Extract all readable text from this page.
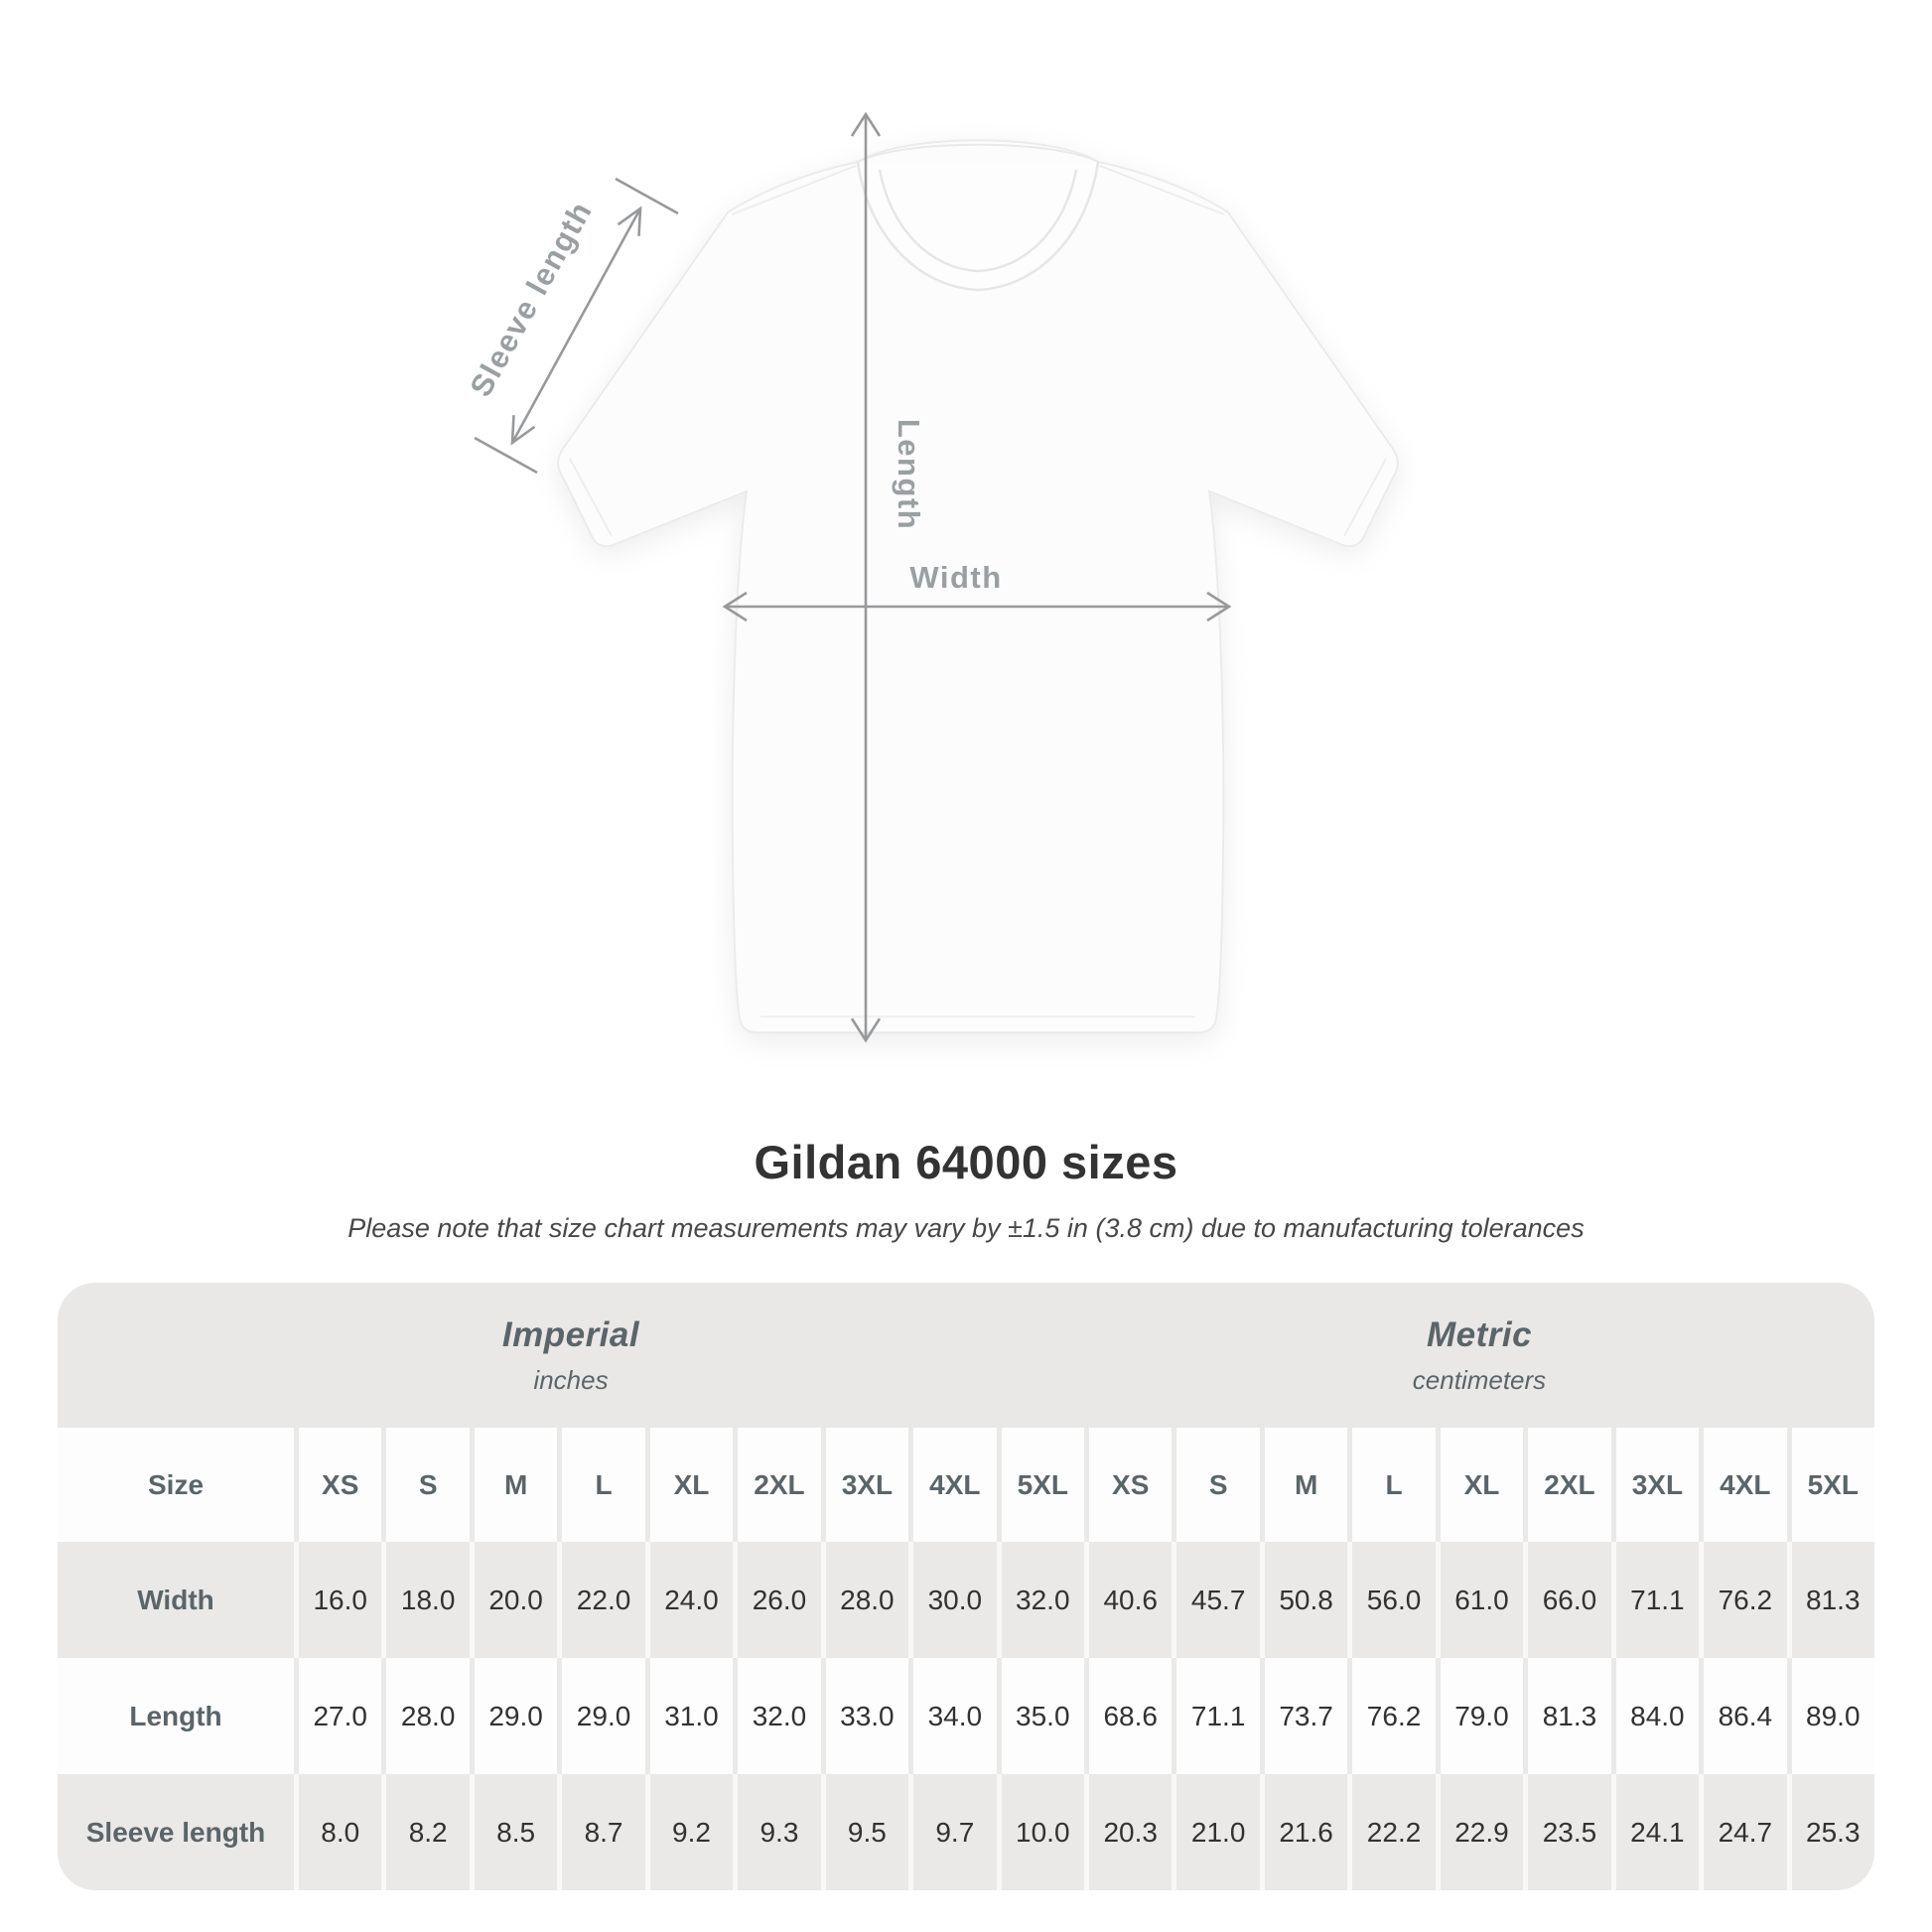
Sleeve length
Length
Width
Gildan 64000 sizes
Please note that size chart measurements may vary by ±1.5 in (3.8 cm) due to manufacturing tolerances
Imperial
inches
Metric
centimeters
Size	XS	S	M	L	XL	2XL	3XL	4XL	5XL	XS	S	M	L	XL	2XL	3XL	4XL	5XL
Width	16.0	18.0	20.0	22.0	24.0	26.0	28.0	30.0	32.0	40.6	45.7	50.8	56.0	61.0	66.0	71.1	76.2	81.3
Length	27.0	28.0	29.0	29.0	31.0	32.0	33.0	34.0	35.0	68.6	71.1	73.7	76.2	79.0	81.3	84.0	86.4	89.0
Sleeve length	8.0	8.2	8.5	8.7	9.2	9.3	9.5	9.7	10.0	20.3	21.0	21.6	22.2	22.9	23.5	24.1	24.7	25.3
